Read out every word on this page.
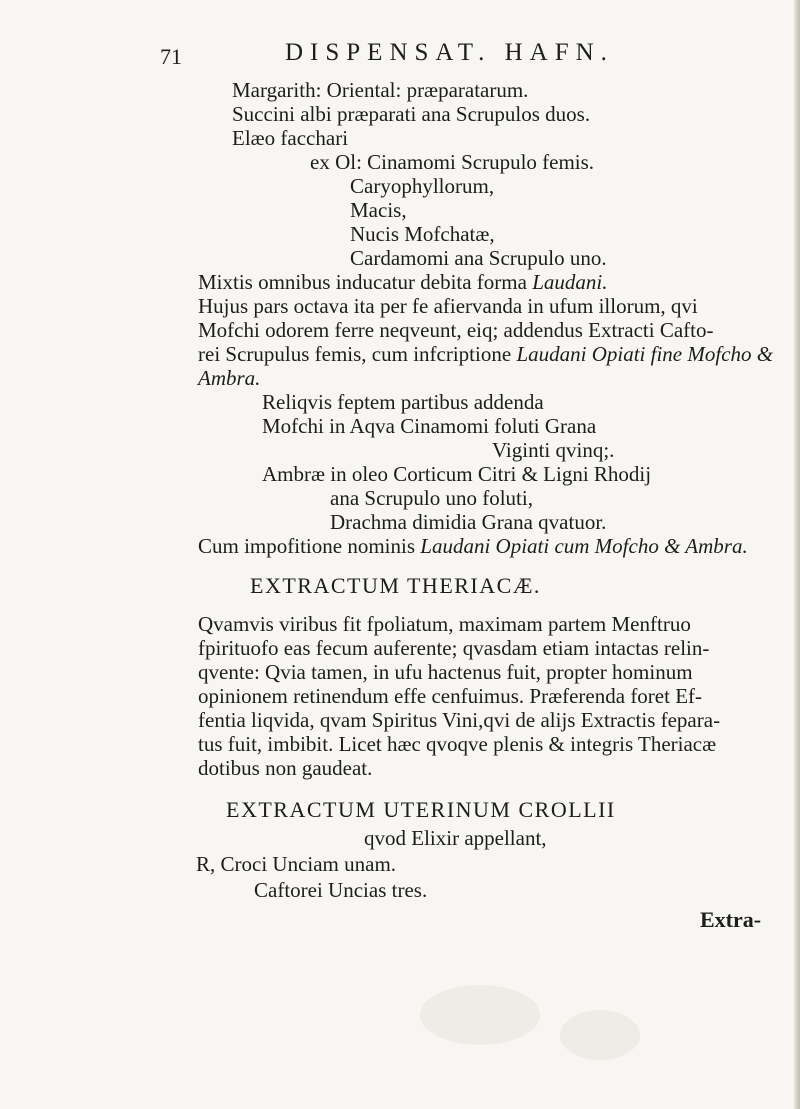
71	DISPENSAT. HAFN.
Margarith: Oriental: præparatarum.
Succini albi præparati ana Scrupulos duos.
Elæo facchari
ex Ol: Cinamomi Scrupulo femis.
Caryophyllorum,
Macis,
Nucis Mofchatæ,
Cardamomi ana Scrupulo uno.
Mixtis omnibus inducatur debita forma Laudani.
Hujus pars octava ita per fe afiervanda in ufum illorum, qvi
Mofchi odorem ferre neqveunt, eiq; addendus Extracti Cafto-
rei Scrupulus femis, cum infcriptione Laudani Opiati fine Mofcho &
Ambra.
Reliqvis feptem partibus addenda
Mofchi in Aqva Cinamomi foluti Grana
Viginti qvinq;.
Ambræ in oleo Corticum Citri & Ligni Rhodij
ana Scrupulo uno foluti,
Drachma dimidia Grana qvatuor.
Cum impofitione nominis Laudani Opiati cum Mofcho & Ambra.
EXTRACTUM THERIACÆ.
Qvamvis viribus fit fpoliatum, maximam partem Menftruo
fpirituofo eas fecum auferente; qvasdam etiam intactas relin-
qvente: Qvia tamen, in ufu hactenus fuit, propter hominum
opinionem retinendum effe cenfuimus. Præferenda foret Ef-
fentia liqvida, qvam Spiritus Vini,qvi de alijs Extractis fepara-
tus fuit, imbibit. Licet hæc qvoqve plenis & integris Theriacæ
dotibus non gaudeat.
EXTRACTUM UTERINUM CROLLII
qvod Elixir appellant,
R, Croci Unciam unam.
Caftorei Uncias tres.
Extra-
